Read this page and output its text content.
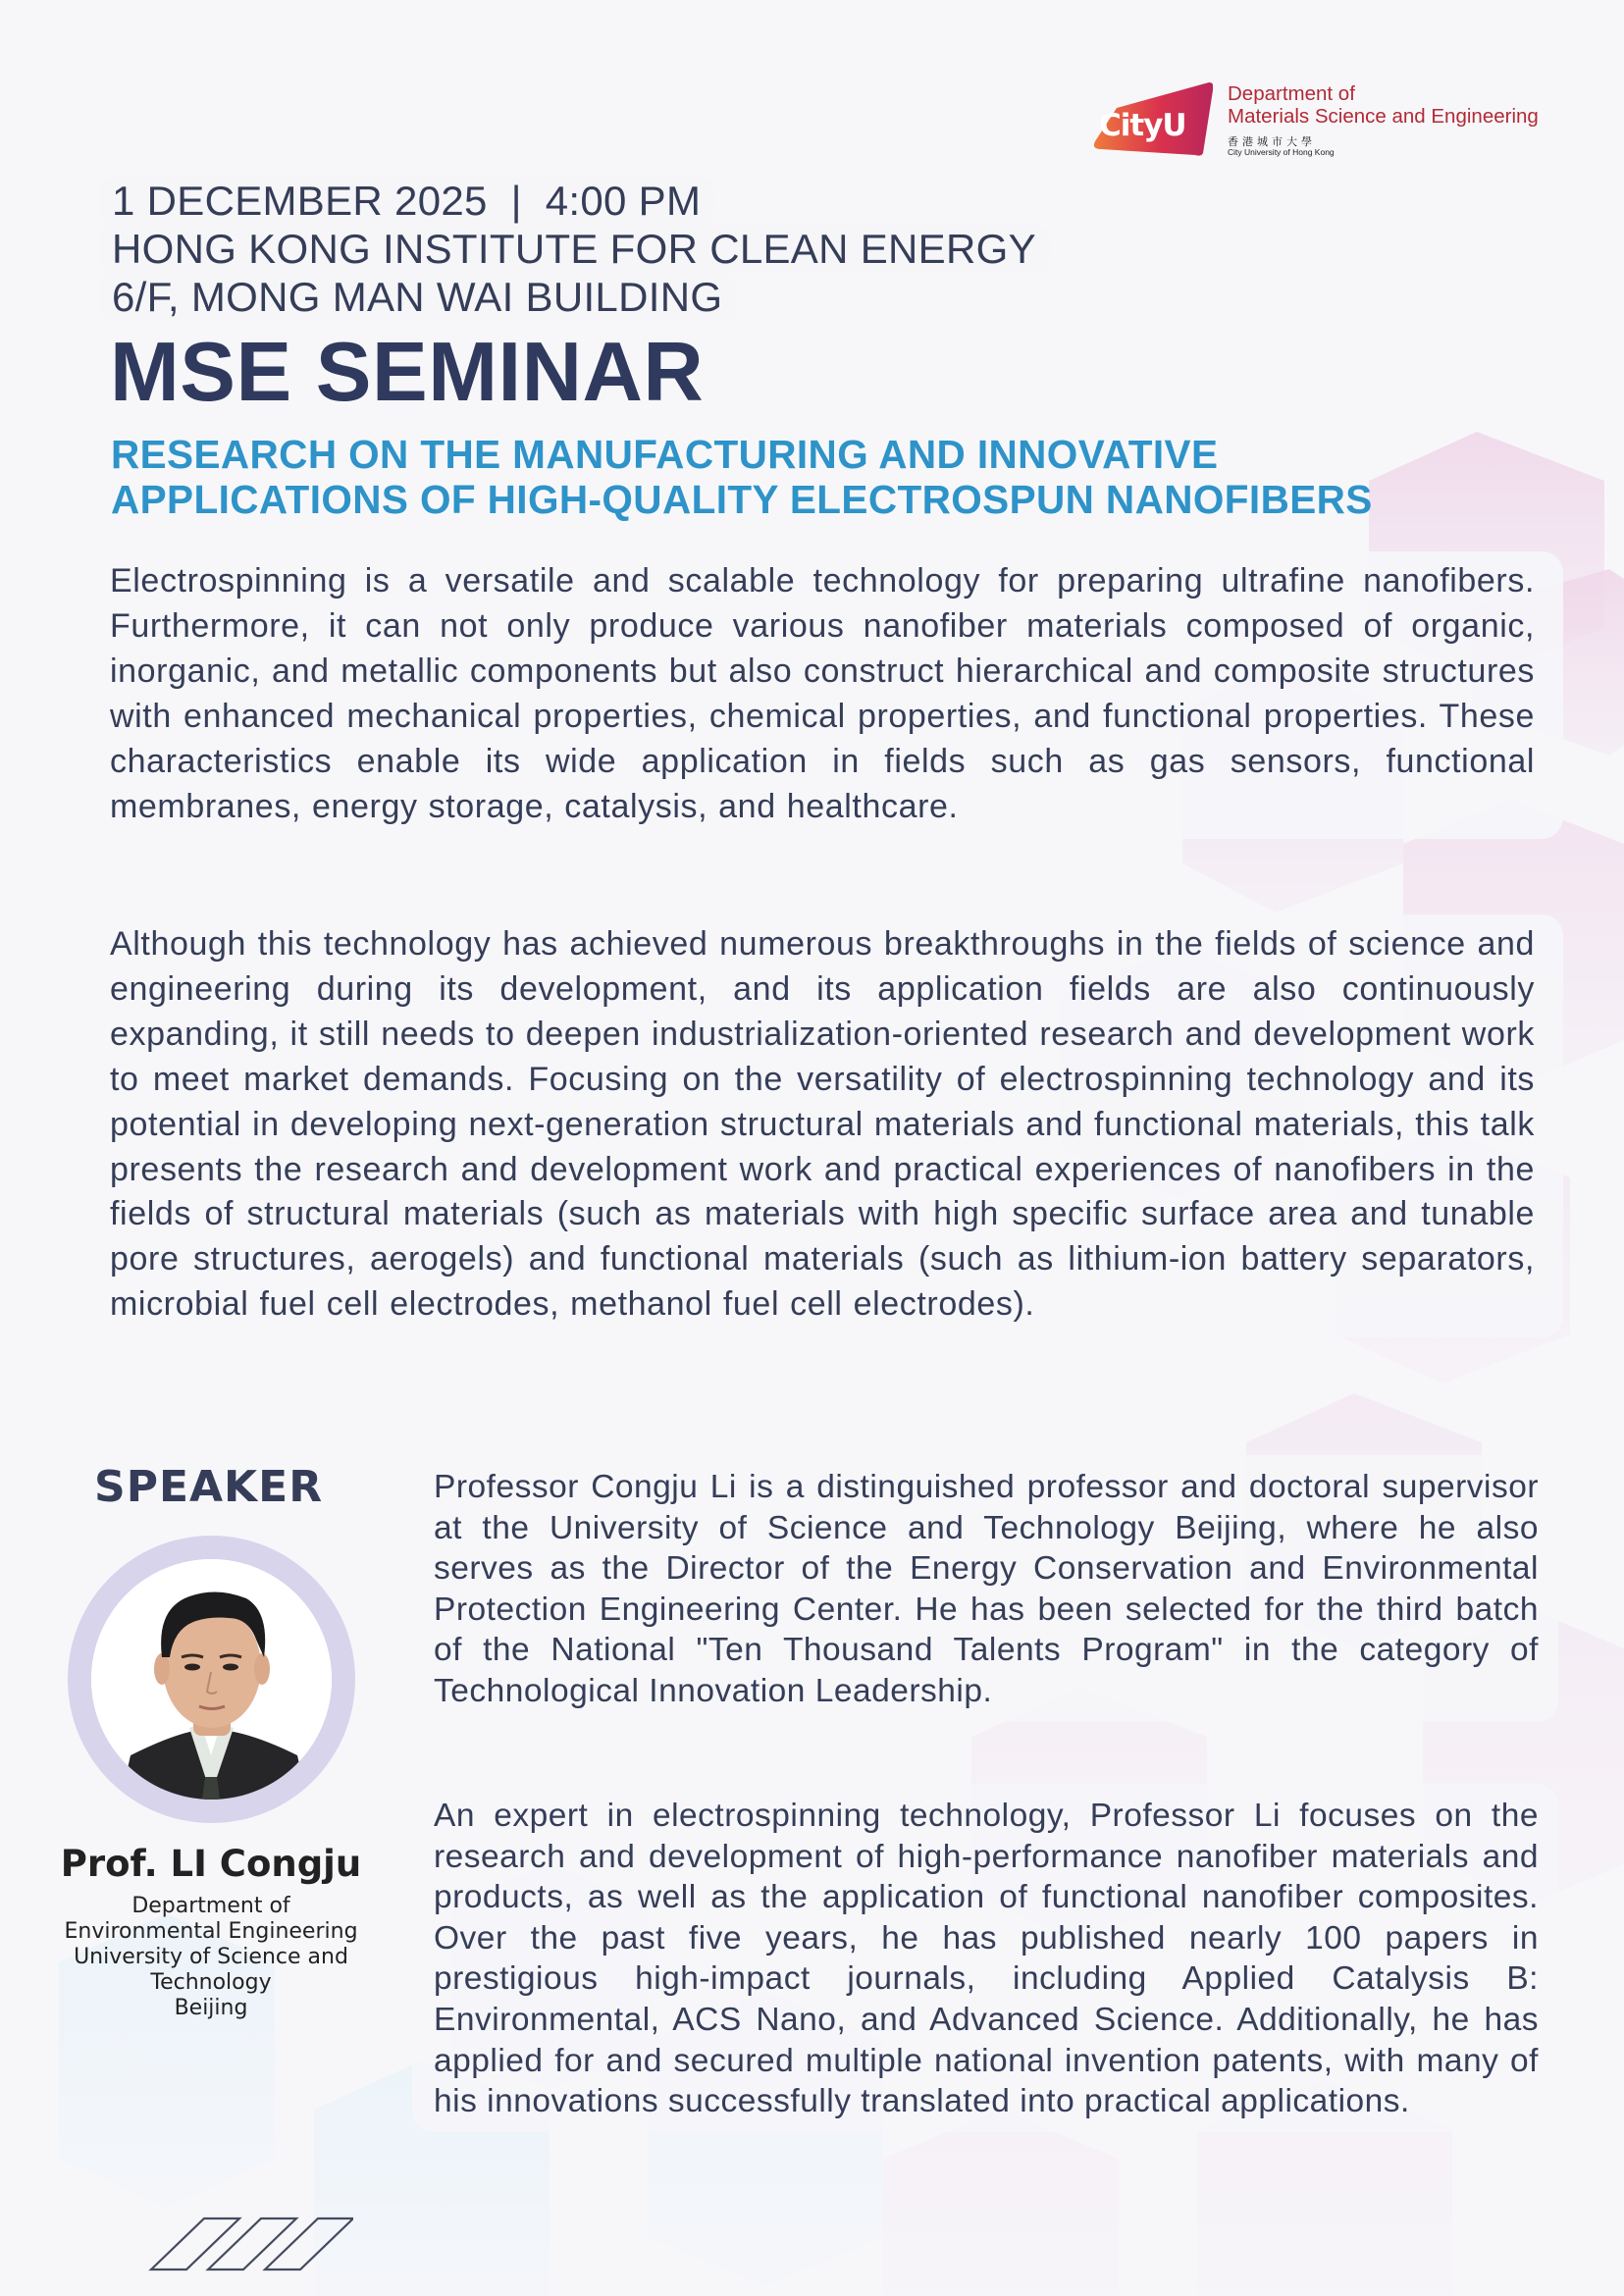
CityU
Department of
Materials Science and Engineering
香港城市大學
City University of Hong Kong
1 DECEMBER 2025  |  4:00 PM
HONG KONG INSTITUTE FOR CLEAN ENERGY
6/F, MONG MAN WAI BUILDING
MSE SEMINAR
RESEARCH ON THE MANUFACTURING AND INNOVATIVE
APPLICATIONS OF HIGH-QUALITY ELECTROSPUN NANOFIBERS
Electrospinning is a versatile and scalable technology for preparing ultrafine nanofibers. Furthermore, it can not only produce various nanofiber materials composed of organic, inorganic, and metallic components but also construct hierarchical and composite structures with enhanced mechanical properties, chemical properties, and functional properties. These characteristics enable its wide application in fields such as gas sensors, functional membranes, energy storage, catalysis, and healthcare.
Although this technology has achieved numerous breakthroughs in the fields of science and engineering during its development, and its application fields are also continuously expanding, it still needs to deepen industrialization-oriented research and development work to meet market demands. Focusing on the versatility of electrospinning technology and its potential in developing next-generation structural materials and functional materials, this talk presents the research and development work and practical experiences of nanofibers in the fields of structural materials (such as materials with high specific surface area and tunable pore structures, aerogels) and functional materials (such as lithium-ion battery separators, microbial fuel cell electrodes, methanol fuel cell electrodes).
SPEAKER
Prof. LI Congju
Department of
Environmental Engineering
University of Science and
Technology
Beijing
Professor Congju Li is a distinguished professor and doctoral supervisor at the University of Science and Technology Beijing, where he also serves as the Director of the Energy Conservation and Environmental Protection Engineering Center. He has been selected for the third batch of the National "Ten Thousand Talents Program" in the category of Technological Innovation Leadership.
An expert in electrospinning technology, Professor Li focuses on the research and development of high-performance nanofiber materials and products, as well as the application of functional nanofiber composites. Over the past five years, he has published nearly 100 papers in prestigious high-impact journals, including Applied Catalysis B: Environmental, ACS Nano, and Advanced Science. Additionally, he has applied for and secured multiple national invention patents, with many of his innovations successfully translated into practical applications.
